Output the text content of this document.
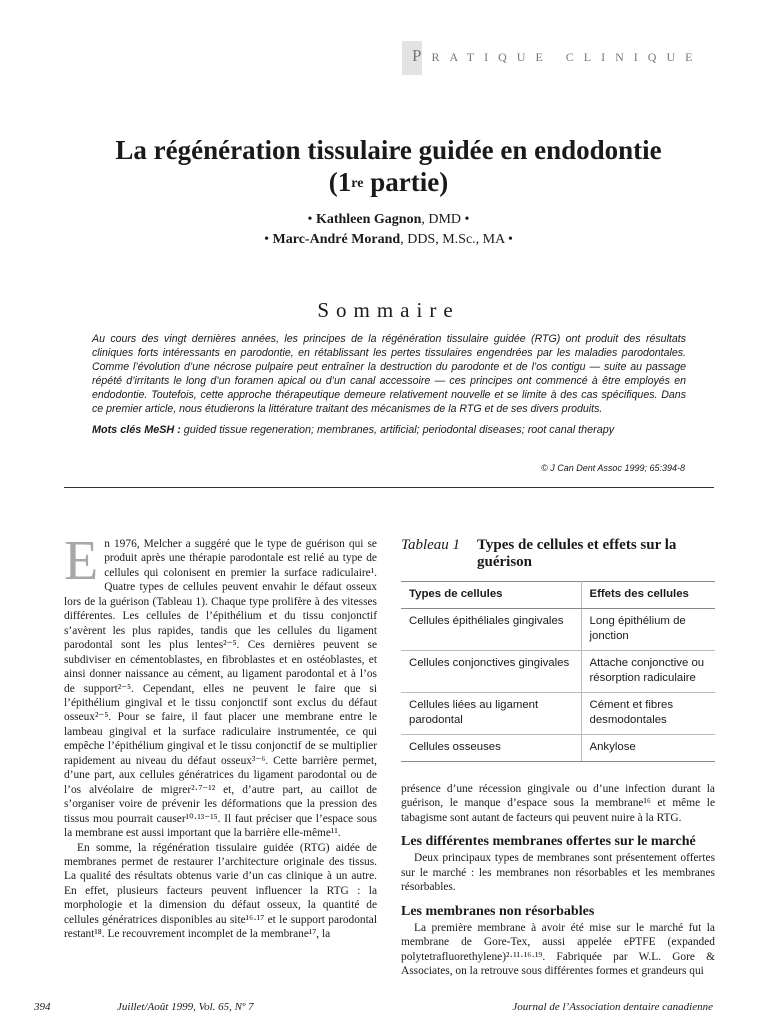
PRATIQUE CLINIQUE
La régénération tissulaire guidée en endodontie
(1re partie)
• Kathleen Gagnon, DMD •
• Marc-André Morand, DDS, M.Sc., MA •
Sommaire
Au cours des vingt dernières années, les principes de la régénération tissulaire guidée (RTG) ont produit des résultats cliniques forts intéressants en parodontie, en rétablissant les pertes tissulaires engendrées par les maladies parodontales. Comme l’évolution d’une nécrose pulpaire peut entraîner la destruction du parodonte et de l’os contigu — suite au passage répété d’irritants le long d’un foramen apical ou d’un canal accessoire — ces principes ont commencé à être employés en endodontie. Toutefois, cette approche thérapeutique demeure relativement nouvelle et se limite à des cas spécifiques. Dans ce premier article, nous étudierons la littérature traitant des mécanismes de la RTG et de ses divers produits.
Mots clés MeSH : guided tissue regeneration; membranes, artificial; periodontal diseases; root canal therapy
© J Can Dent Assoc 1999; 65:394-8

En 1976, Melcher a suggéré que le type de guérison qui se produit après une thérapie parodontale est relié au type de cellules qui colonisent en premier la surface radiculaire¹. Quatre types de cellules peuvent envahir le défaut osseux lors de la guérison (Tableau 1). Chaque type prolifère à des vitesses différentes. Les cellules de l’épithélium et du tissu conjonctif s’avèrent les plus rapides, tandis que les cellules du ligament parodontal sont les plus lentes²⁻⁵. Ces dernières peuvent se subdiviser en cémentoblastes, en fibroblastes et en ostéoblastes, et ainsi donner naissance au cément, au ligament parodontal et à l’os de support²⁻⁵. Cependant, elles ne peuvent le faire que si l’épithélium gingival et le tissu conjonctif sont exclus du défaut osseux²⁻⁵. Pour se faire, il faut placer une membrane entre le lambeau gingival et la surface radiculaire instrumentée, ce qui empêche l’épithélium gingival et le tissu conjonctif de se multiplier rapidement au niveau du défaut osseux³⁻⁶. Cette barrière permet, d’une part, aux cellules génératrices du ligament parodontal ou de l’os alvéolaire de migrer²·⁷⁻¹² et, d’autre part, au caillot de s’organiser voire de prévenir les déformations que la pression des tissus mou pourrait causer¹⁰·¹³⁻¹⁵. Il faut préciser que l’espace sous la membrane est aussi important que la barrière elle-même¹¹.

En somme, la régénération tissulaire guidée (RTG) aidée de membranes permet de restaurer l’architecture originale des tissus. La qualité des résultats obtenus varie d’un cas clinique à un autre. En effet, plusieurs facteurs peuvent influencer la RTG : la morphologie et la dimension du défaut osseux, la quantité de cellules génératrices disponibles au site¹⁶·¹⁷ et le support parodontal restant¹⁸. Le recouvrement incomplet de la membrane¹⁷, la

Tableau 1	Types de cellules et effets sur la guérison
Types de cellules	Effets des cellules
Cellules épithéliales gingivales	Long épithélium de jonction
Cellules conjonctives gingivales	Attache conjonctive ou résorption radiculaire
Cellules liées au ligament parodontal	Cément et fibres desmodontales
Cellules osseuses	Ankylose

présence d’une récession gingivale ou d’une infection durant la guérison, le manque d’espace sous la membrane¹⁶ et même le tabagisme sont autant de facteurs qui peuvent nuire à la RTG.

Les différentes membranes offertes sur le marché

Deux principaux types de membranes sont présentement offertes sur le marché : les membranes non résorbables et les membranes résorbables.

Les membranes non résorbables

La première membrane à avoir été mise sur le marché fut la membrane de Gore-Tex, aussi appelée ePTFE (expanded polytetrafluorethylene)²·¹¹·¹⁶·¹⁹. Fabriquée par W.L. Gore & Associates, on la retrouve sous différentes formes et grandeurs qui

394	Juillet/Août 1999, Vol. 65, Nº 7	Journal de l’Association dentaire canadienne
